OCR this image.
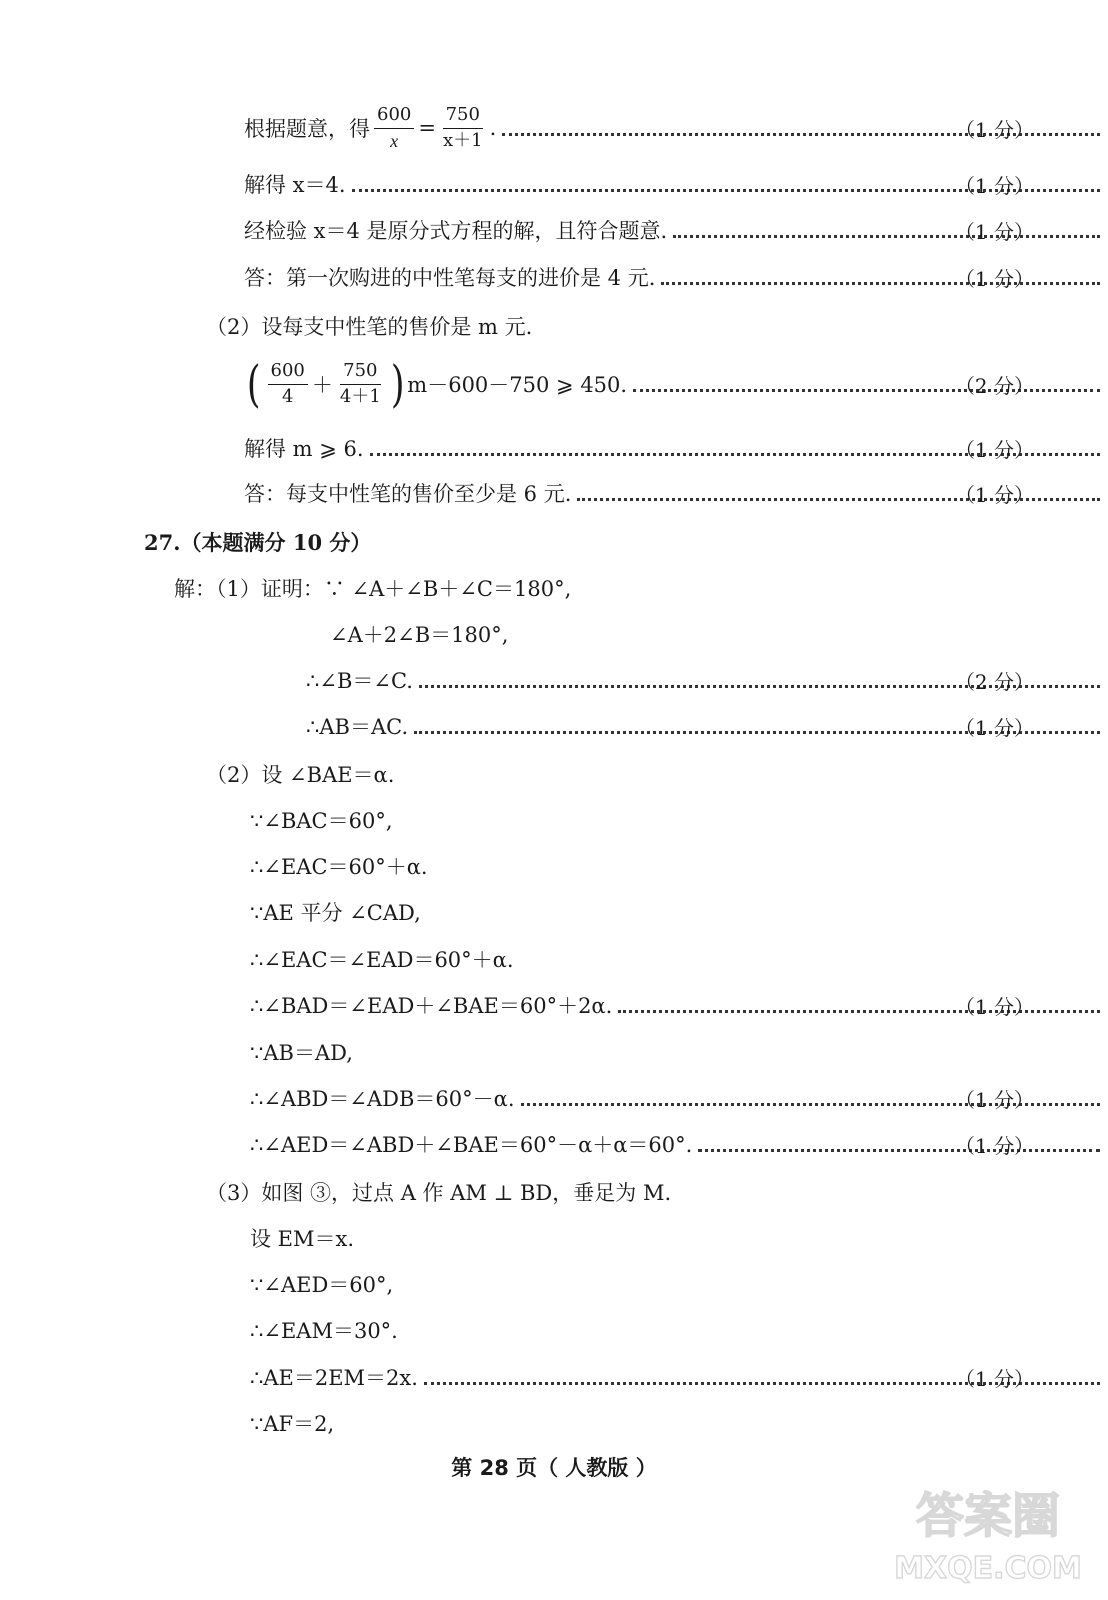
根据题意，得 $\frac{600}{x} = \frac{750}{x+1}$ .	（1 分）
解得 x＝4.	（1 分）
经检验 x＝4 是原分式方程的解，且符合题意.	（1 分）
答：第一次购进的中性笔每支的进价是 4 元.	（1 分）
（2）设每支中性笔的售价是 m 元.
( $\frac{600}{4} + \frac{750}{4+1}$ ) m－600－750 ⩾ 450.	（2 分）
解得 m ⩾ 6.	（1 分）
答：每支中性笔的售价至少是 6 元.	（1 分）
27.（本题满分 10 分）
解：（1）证明：∵ ∠A＋∠B＋∠C＝180°,
∠A＋2∠B＝180°,
∴∠B＝∠C.	（2 分）
∴AB＝AC.	（1 分）
（2）设 ∠BAE＝α.
∵∠BAC＝60°,
∴∠EAC＝60°＋α.
∵AE 平分 ∠CAD,
∴∠EAC＝∠EAD＝60°＋α.
∴∠BAD＝∠EAD＋∠BAE＝60°＋2α.	（1 分）
∵AB＝AD,
∴∠ABD＝∠ADB＝60°－α.	（1 分）
∴∠AED＝∠ABD＋∠BAE＝60°－α＋α＝60°.	（1 分）
（3）如图 ③，过点 A 作 AM ⊥ BD，垂足为 M.
设 EM＝x.
∵∠AED＝60°,
∴∠EAM＝30°.
∴AE＝2EM＝2x.	（1 分）
∵AF＝2,
第 28 页（ 人教版 ）
答案圈
MXQE.COM
